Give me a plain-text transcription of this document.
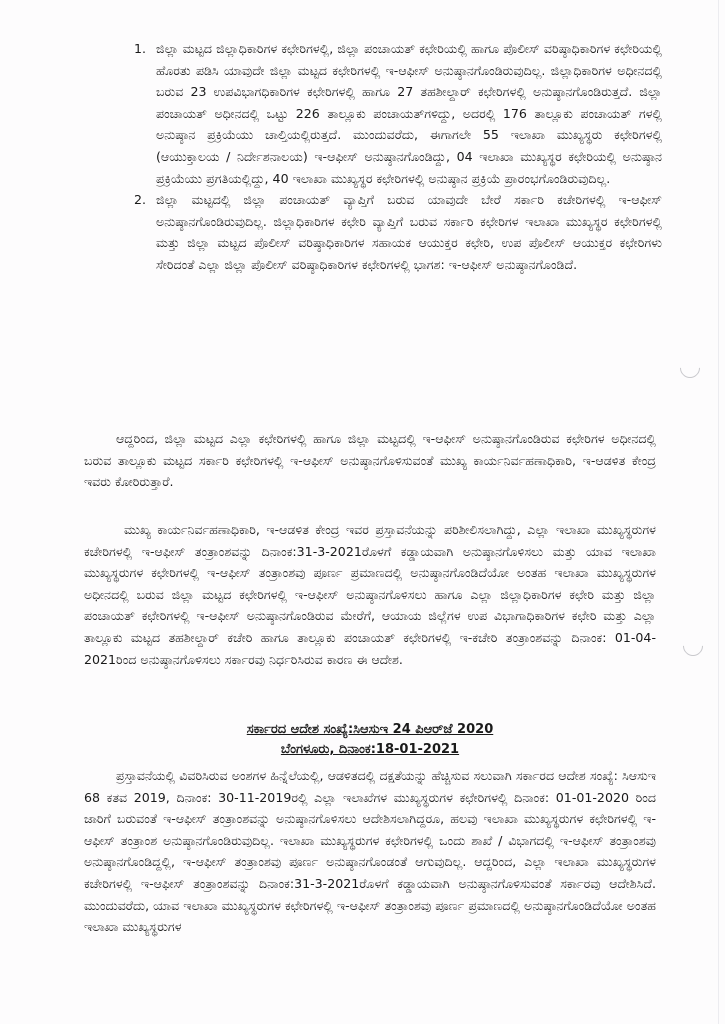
1. ಜಿಲ್ಲಾ ಮಟ್ಟದ ಜಿಲ್ಲಾಧಿಕಾರಿಗಳ ಕಛೇರಿಗಳಲ್ಲಿ, ಜಿಲ್ಲಾ ಪಂಚಾಯತ್ ಕಛೇರಿಯಲ್ಲಿ ಹಾಗೂ ಪೊಲೀಸ್ ವರಿಷ್ಠಾಧಿಕಾರಿಗಳ ಕಛೇರಿಯಲ್ಲಿ ಹೊರತು ಪಡಿಸಿ ಯಾವುದೇ ಜಿಲ್ಲಾ ಮಟ್ಟದ ಕಛೇರಿಗಳಲ್ಲಿ ಇ-ಆಫೀಸ್ ಅನುಷ್ಠಾನಗೊಂಡಿರುವುದಿಲ್ಲ. ಜಿಲ್ಲಾಧಿಕಾರಿಗಳ ಅಧೀನದಲ್ಲಿ ಬರುವ 23 ಉಪವಿಭಾಗಧಿಕಾರಿಗಳ ಕಛೇರಿಗಳಲ್ಲಿ ಹಾಗೂ 27 ತಹಶೀಲ್ದಾರ್ ಕಛೇರಿಗಳಲ್ಲಿ ಅನುಷ್ಠಾನಗೊಂಡಿರುತ್ತದೆ. ಜಿಲ್ಲಾ ಪಂಚಾಯತ್ ಅಧೀನದಲ್ಲಿ ಒಟ್ಟು 226 ತಾಲ್ಲೂಕು ಪಂಚಾಯತ್‌ಗಳಿದ್ದು, ಅದರಲ್ಲಿ 176 ತಾಲ್ಲೂಕು ಪಂಚಾಯತ್ ಗಳಲ್ಲಿ ಅನುಷ್ಠಾನ ಪ್ರಕ್ರಿಯೆಯು ಚಾಲ್ತಿಯಲ್ಲಿರುತ್ತದೆ. ಮುಂದುವರೆದು, ಈಗಾಗಲೇ 55 ಇಲಾಖಾ ಮುಖ್ಯಸ್ಥರು ಕಛೇರಿಗಳಲ್ಲಿ (ಆಯುಕ್ತಾಲಯ / ನಿರ್ದೇಶನಾಲಯ) ಇ-ಆಫೀಸ್ ಅನುಷ್ಠಾನಗೊಂಡಿದ್ದು, 04 ಇಲಾಖಾ ಮುಖ್ಯಸ್ಥರ ಕಛೇರಿಯಲ್ಲಿ ಅನುಷ್ಠಾನ ಪ್ರಕ್ರಿಯೆಯು ಪ್ರಗತಿಯಲ್ಲಿದ್ದು, 40 ಇಲಾಖಾ ಮುಖ್ಯಸ್ಥರ ಕಛೇರಿಗಳಲ್ಲಿ ಅನುಷ್ಠಾನ ಪ್ರಕ್ರಿಯೆ ಪ್ರಾರಂಭಗೊಂಡಿರುವುದಿಲ್ಲ.
2. ಜಿಲ್ಲಾ ಮಟ್ಟದಲ್ಲಿ ಜಿಲ್ಲಾ ಪಂಚಾಯತ್ ವ್ಯಾಪ್ತಿಗೆ ಬರುವ ಯಾವುದೇ ಬೇರೆ ಸರ್ಕಾರಿ ಕಚೇರಿಗಳಲ್ಲಿ ಇ-ಆಫೀಸ್ ಅನುಷ್ಠಾನಗೊಂಡಿರುವುದಿಲ್ಲ. ಜಿಲ್ಲಾಧಿಕಾರಿಗಳ ಕಛೇರಿ ವ್ಯಾಪ್ತಿಗೆ ಬರುವ ಸರ್ಕಾರಿ ಕಛೇರಿಗಳ ಇಲಾಖಾ ಮುಖ್ಯಸ್ಥರ ಕಛೇರಿಗಳಲ್ಲಿ ಮತ್ತು ಜಿಲ್ಲಾ ಮಟ್ಟದ ಪೊಲೀಸ್ ವರಿಷ್ಠಾಧಿಕಾರಿಗಳ ಸಹಾಯಕ ಆಯುಕ್ತರ ಕಛೇರಿ, ಉಪ ಪೊಲೀಸ್ ಆಯುಕ್ತರ ಕಛೇರಿಗಳು ಸೇರಿದಂತೆ ಎಲ್ಲಾ ಜಿಲ್ಲಾ ಪೊಲೀಸ್ ವರಿಷ್ಠಾಧಿಕಾರಿಗಳ ಕಛೇರಿಗಳಲ್ಲಿ ಭಾಗಶ: ಇ-ಆಫೀಸ್ ಅನುಷ್ಠಾನಗೊಂಡಿದೆ.

ಆದ್ದರಿಂದ, ಜಿಲ್ಲಾ ಮಟ್ಟದ ಎಲ್ಲಾ ಕಛೇರಿಗಳಲ್ಲಿ ಹಾಗೂ ಜಿಲ್ಲಾ ಮಟ್ಟದಲ್ಲಿ ಇ-ಆಫೀಸ್ ಅನುಷ್ಠಾನಗೊಂಡಿರುವ ಕಛೇರಿಗಳ ಅಧೀನದಲ್ಲಿ ಬರುವ ತಾಲ್ಲೂಕು ಮಟ್ಟದ ಸರ್ಕಾರಿ ಕಛೇರಿಗಳಲ್ಲಿ ಇ-ಆಫೀಸ್ ಅನುಷ್ಠಾನಗೊಳಿಸುವಂತೆ ಮುಖ್ಯ ಕಾರ್ಯನಿರ್ವಹಣಾಧಿಕಾರಿ, ಇ-ಆಡಳಿತ ಕೇಂದ್ರ ಇವರು ಕೋರಿರುತ್ತಾರೆ.

ಮುಖ್ಯ ಕಾರ್ಯನಿರ್ವಹಣಾಧಿಕಾರಿ, ಇ-ಆಡಳಿತ ಕೇಂದ್ರ ಇವರ ಪ್ರಸ್ತಾವನೆಯನ್ನು ಪರಿಶೀಲಿಸಲಾಗಿದ್ದು, ಎಲ್ಲಾ ಇಲಾಖಾ ಮುಖ್ಯಸ್ಥರುಗಳ ಕಚೇರಿಗಳಲ್ಲಿ ಇ-ಆಫೀಸ್ ತಂತ್ರಾಂಶವನ್ನು ದಿನಾಂಕ:31-3-2021ರೊಳಗೆ ಕಡ್ಡಾಯವಾಗಿ ಅನುಷ್ಠಾನಗೊಳಿಸಲು ಮತ್ತು ಯಾವ ಇಲಾಖಾ ಮುಖ್ಯಸ್ಥರುಗಳ ಕಛೇರಿಗಳಲ್ಲಿ ಇ-ಆಫೀಸ್ ತಂತ್ರಾಂಶವು ಪೂರ್ಣ ಪ್ರಮಾಣದಲ್ಲಿ ಅನುಷ್ಠಾನಗೊಂಡಿದೆಯೋ ಅಂತಹ ಇಲಾಖಾ ಮುಖ್ಯಸ್ಥರುಗಳ ಅಧೀನದಲ್ಲಿ ಬರುವ ಜಿಲ್ಲಾ ಮಟ್ಟದ ಕಛೇರಿಗಳಲ್ಲಿ ಇ-ಆಫೀಸ್ ಅನುಷ್ಠಾನಗೊಳಿಸಲು ಹಾಗೂ ಎಲ್ಲಾ ಜಿಲ್ಲಾಧಿಕಾರಿಗಳ ಕಛೇರಿ ಮತ್ತು ಜಿಲ್ಲಾ ಪಂಚಾಯತ್ ಕಛೇರಿಗಳಲ್ಲಿ ಇ-ಆಫೀಸ್ ಅನುಷ್ಠಾನಗೊಂಡಿರುವ ಮೇರೆಗೆ, ಆಯಾಯ ಜಿಲ್ಲೆಗಳ ಉಪ ವಿಭಾಗಾಧಿಕಾರಿಗಳ ಕಛೇರಿ ಮತ್ತು ಎಲ್ಲಾ ತಾಲ್ಲೂಕು ಮಟ್ಟದ ತಹಶೀಲ್ದಾರ್ ಕಚೇರಿ ಹಾಗೂ ತಾಲ್ಲೂಕು ಪಂಚಾಯತ್ ಕಛೇರಿಗಳಲ್ಲಿ ಇ-ಕಚೇರಿ ತಂತ್ರಾಂಶವನ್ನು ದಿನಾಂಕ: 01-04-2021ರಿಂದ ಅನುಷ್ಠಾನಗೊಳಿಸಲು ಸರ್ಕಾರವು ನಿರ್ಧರಿಸಿರುವ ಕಾರಣ ಈ ಆದೇಶ.

ಸರ್ಕಾರದ ಆದೇಶ ಸಂಖ್ಯೆ:ಸಿಆಸುಇ 24 ಪಿಆರ್‌ಜೆ 2020
ಬೆಂಗಳೂರು, ದಿನಾಂಕ:18-01-2021

ಪ್ರಸ್ತಾವನೆಯಲ್ಲಿ ವಿವರಿಸಿರುವ ಅಂಶಗಳ ಹಿನ್ನೆಲೆಯಲ್ಲಿ, ಆಡಳಿತದಲ್ಲಿ ದಕ್ಷತೆಯನ್ನು ಹೆಚ್ಚಿಸುವ ಸಲುವಾಗಿ ಸರ್ಕಾರದ ಆದೇಶ ಸಂಖ್ಯೆ: ಸಿಆಸುಇ 68 ಕತವ 2019, ದಿನಾಂಕ: 30-11-2019ರಲ್ಲಿ ಎಲ್ಲಾ ಇಲಾಖೆಗಳ ಮುಖ್ಯಸ್ಥರುಗಳ ಕಛೇರಿಗಳಲ್ಲಿ ದಿನಾಂಕ: 01-01-2020 ರಿಂದ ಜಾರಿಗೆ ಬರುವಂತೆ ಇ-ಆಫೀಸ್ ತಂತ್ರಾಂಶವನ್ನು ಅನುಷ್ಠಾನಗೊಳಿಸಲು ಆದೇಶಿಸಲಾಗಿದ್ದರೂ, ಹಲವು ಇಲಾಖಾ ಮುಖ್ಯಸ್ಥರುಗಳ ಕಛೇರಿಗಳಲ್ಲಿ ಇ-ಆಫೀಸ್ ತಂತ್ರಾಂಶ ಅನುಷ್ಠಾನಗೊಂಡಿರುವುದಿಲ್ಲ. ಇಲಾಖಾ ಮುಖ್ಯಸ್ಥರುಗಳ ಕಛೇರಿಗಳಲ್ಲಿ ಒಂದು ಶಾಖೆ / ವಿಭಾಗದಲ್ಲಿ ಇ-ಆಫೀಸ್ ತಂತ್ರಾಂಶವು ಅನುಷ್ಠಾನಗೊಂಡಿದ್ದಲ್ಲಿ, ಇ-ಆಫೀಸ್ ತಂತ್ರಾಂಶವು ಪೂರ್ಣ ಅನುಷ್ಠಾನಗೊಂಡಂತೆ ಆಗುವುದಿಲ್ಲ. ಆದ್ದರಿಂದ, ಎಲ್ಲಾ ಇಲಾಖಾ ಮುಖ್ಯಸ್ಥರುಗಳ ಕಚೇರಿಗಳಲ್ಲಿ ಇ-ಆಫೀಸ್ ತಂತ್ರಾಂಶವನ್ನು ದಿನಾಂಕ:31-3-2021ರೊಳಗೆ ಕಡ್ಡಾಯವಾಗಿ ಅನುಷ್ಠಾನಗೊಳಿಸುವಂತೆ ಸರ್ಕಾರವು ಆದೇಶಿಸಿದೆ. ಮುಂದುವರೆದು, ಯಾವ ಇಲಾಖಾ ಮುಖ್ಯಸ್ಥರುಗಳ ಕಛೇರಿಗಳಲ್ಲಿ ಇ-ಆಫೀಸ್ ತಂತ್ರಾಂಶವು ಪೂರ್ಣ ಪ್ರಮಾಣದಲ್ಲಿ ಅನುಷ್ಠಾನಗೊಂಡಿದೆಯೋ ಅಂತಹ ಇಲಾಖಾ ಮುಖ್ಯಸ್ಥರುಗಳ
